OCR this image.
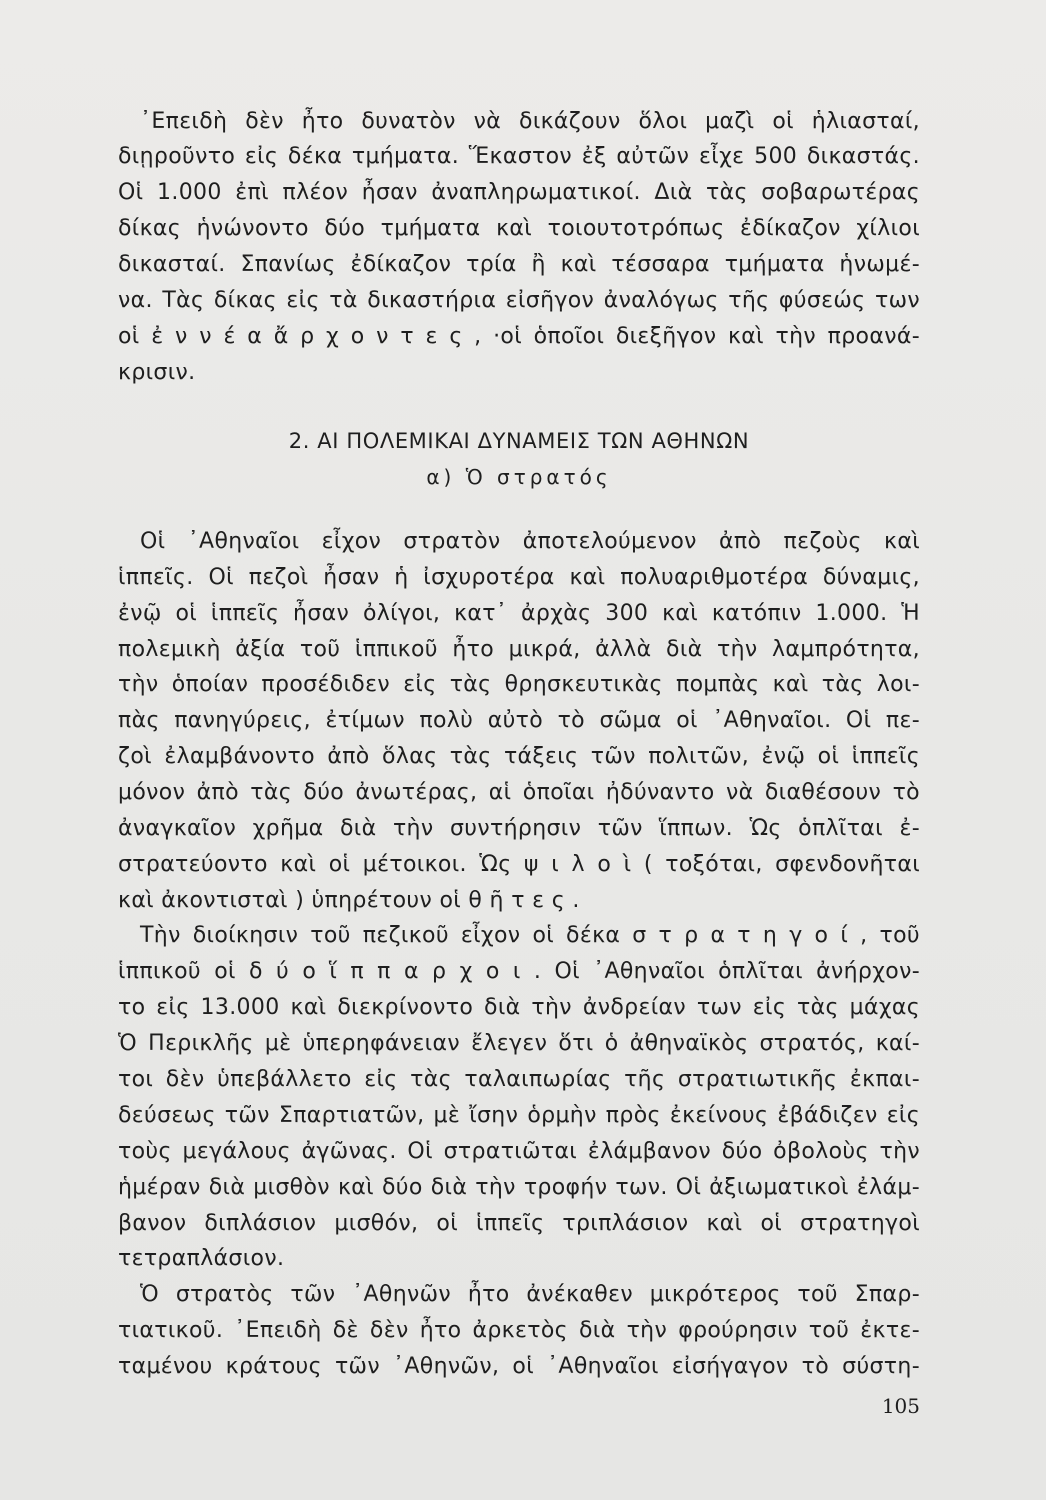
᾿Επειδὴ δὲν ἦτο δυνατὸν νὰ δικάζουν ὅλοι μαζὶ οἱ ἡλιασταί,
διῃροῦντο εἰς δέκα τμήματα. Ἕκαστον ἐξ αὐτῶν εἶχε 500 δικαστάς.
Οἱ 1.000 ἐπὶ πλέον ἦσαν ἀναπληρωματικοί. Διὰ τὰς σοβαρωτέρας
δίκας ἡνώνοντο δύο τμήματα καὶ τοιουτοτρόπως ἐδίκαζον χίλιοι
δικασταί. Σπανίως ἐδίκαζον τρία ἢ καὶ τέσσαρα τμήματα ἡνωμέ-
να. Τὰς δίκας εἰς τὰ δικαστήρια εἰσῆγον ἀναλόγως τῆς φύσεώς των
οἱ ἐ ν ν έ α ἄ ρ χ ο ν τ ε ς , ·οἱ ὁποῖοι διεξῆγον καὶ τὴν προανά-
κρισιν.
2. ΑΙ ΠΟΛΕΜΙΚΑΙ ΔΥΝΑΜΕΙΣ ΤΩΝ ΑΘΗΝΩΝ
α) Ὁ στρατός
Οἱ ᾿Αθηναῖοι εἶχον στρατὸν ἀποτελούμενον ἀπὸ πεζοὺς καὶ
ἱππεῖς. Οἱ πεζοὶ ἦσαν ἡ ἰσχυροτέρα καὶ πολυαριθμοτέρα δύναμις,
ἐνῷ οἱ ἱππεῖς ἦσαν ὀλίγοι, κατ᾿ ἀρχὰς 300 καὶ κατόπιν 1.000. Ἡ
πολεμικὴ ἀξία τοῦ ἱππικοῦ ἦτο μικρά, ἀλλὰ διὰ τὴν λαμπρότητα,
τὴν ὁποίαν προσέδιδεν εἰς τὰς θρησκευτικὰς πομπὰς καὶ τὰς λοι-
πὰς πανηγύρεις, ἐτίμων πολὺ αὐτὸ τὸ σῶμα οἱ ᾿Αθηναῖοι. Οἱ πε-
ζοὶ ἐλαμβάνοντο ἀπὸ ὅλας τὰς τάξεις τῶν πολιτῶν, ἐνῷ οἱ ἱππεῖς
μόνον ἀπὸ τὰς δύο ἀνωτέρας, αἱ ὁποῖαι ἠδύναντο νὰ διαθέσουν τὸ
ἀναγκαῖον χρῆμα διὰ τὴν συντήρησιν τῶν ἵππων. Ὡς ὁπλῖται ἐ-
στρατεύοντο καὶ οἱ μέτοικοι. Ὡς ψ ι λ ο ὶ ( τοξόται, σφενδονῆται
καὶ ἀκοντισταὶ ) ὑπηρέτουν οἱ θ ῆ τ ε ς .
Τὴν διοίκησιν τοῦ πεζικοῦ εἶχον οἱ δέκα σ τ ρ α τ η γ ο ί , τοῦ
ἱππικοῦ οἱ δ ύ ο ἵ π π α ρ χ ο ι . Οἱ ᾿Αθηναῖοι ὁπλῖται ἀνήρχον-
το εἰς 13.000 καὶ διεκρίνοντο διὰ τὴν ἀνδρείαν των εἰς τὰς μάχας
Ὁ Περικλῆς μὲ ὑπερηφάνειαν ἔλεγεν ὅτι ὁ ἀθηναϊκὸς στρατός, καί-
τοι δὲν ὑπεβάλλετο εἰς τὰς ταλαιπωρίας τῆς στρατιωτικῆς ἐκπαι-
δεύσεως τῶν Σπαρτιατῶν, μὲ ἴσην ὁρμὴν πρὸς ἐκείνους ἐβάδιζεν εἰς
τοὺς μεγάλους ἀγῶνας. Οἱ στρατιῶται ἐλάμβανον δύο ὀβολοὺς τὴν
ἡμέραν διὰ μισθὸν καὶ δύο διὰ τὴν τροφήν των. Οἱ ἀξιωματικοὶ ἐλάμ-
βανον διπλάσιον μισθόν, οἱ ἱππεῖς τριπλάσιον καὶ οἱ στρατηγοὶ
τετραπλάσιον.
Ὁ στρατὸς τῶν ᾿Αθηνῶν ἦτο ἀνέκαθεν μικρότερος τοῦ Σπαρ-
τιατικοῦ. ᾿Επειδὴ δὲ δὲν ἦτο ἀρκετὸς διὰ τὴν φρούρησιν τοῦ ἐκτε-
ταμένου κράτους τῶν ᾿Αθηνῶν, οἱ ᾿Αθηναῖοι εἰσήγαγον τὸ σύστη-
105
